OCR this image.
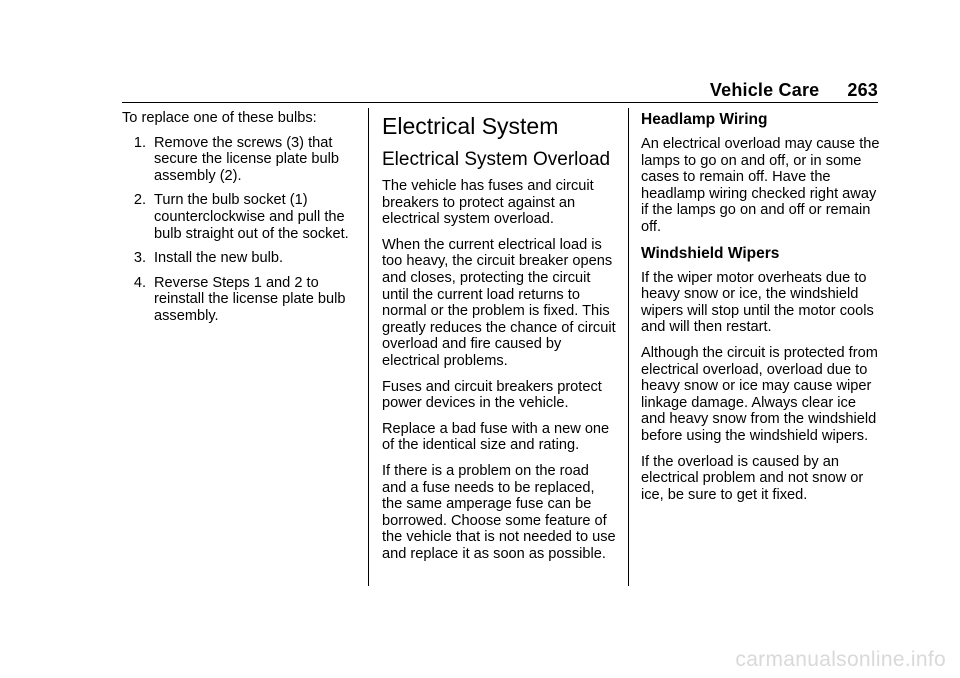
Vehicle Care 263

To replace one of these bulbs:

1. Remove the screws (3) that secure the license plate bulb assembly (2).
2. Turn the bulb socket (1) counterclockwise and pull the bulb straight out of the socket.
3. Install the new bulb.
4. Reverse Steps 1 and 2 to reinstall the license plate bulb assembly.
Electrical System
Electrical System Overload

The vehicle has fuses and circuit breakers to protect against an electrical system overload.

When the current electrical load is too heavy, the circuit breaker opens and closes, protecting the circuit until the current load returns to normal or the problem is fixed. This greatly reduces the chance of circuit overload and fire caused by electrical problems.

Fuses and circuit breakers protect power devices in the vehicle.

Replace a bad fuse with a new one of the identical size and rating.

If there is a problem on the road and a fuse needs to be replaced, the same amperage fuse can be borrowed. Choose some feature of the vehicle that is not needed to use and replace it as soon as possible.

Headlamp Wiring

An electrical overload may cause the lamps to go on and off, or in some cases to remain off. Have the headlamp wiring checked right away if the lamps go on and off or remain off.

Windshield Wipers

If the wiper motor overheats due to heavy snow or ice, the windshield wipers will stop until the motor cools and will then restart.

Although the circuit is protected from electrical overload, overload due to heavy snow or ice may cause wiper linkage damage. Always clear ice and heavy snow from the windshield before using the windshield wipers.

If the overload is caused by an electrical problem and not snow or ice, be sure to get it fixed.

carmanualsonline.info
